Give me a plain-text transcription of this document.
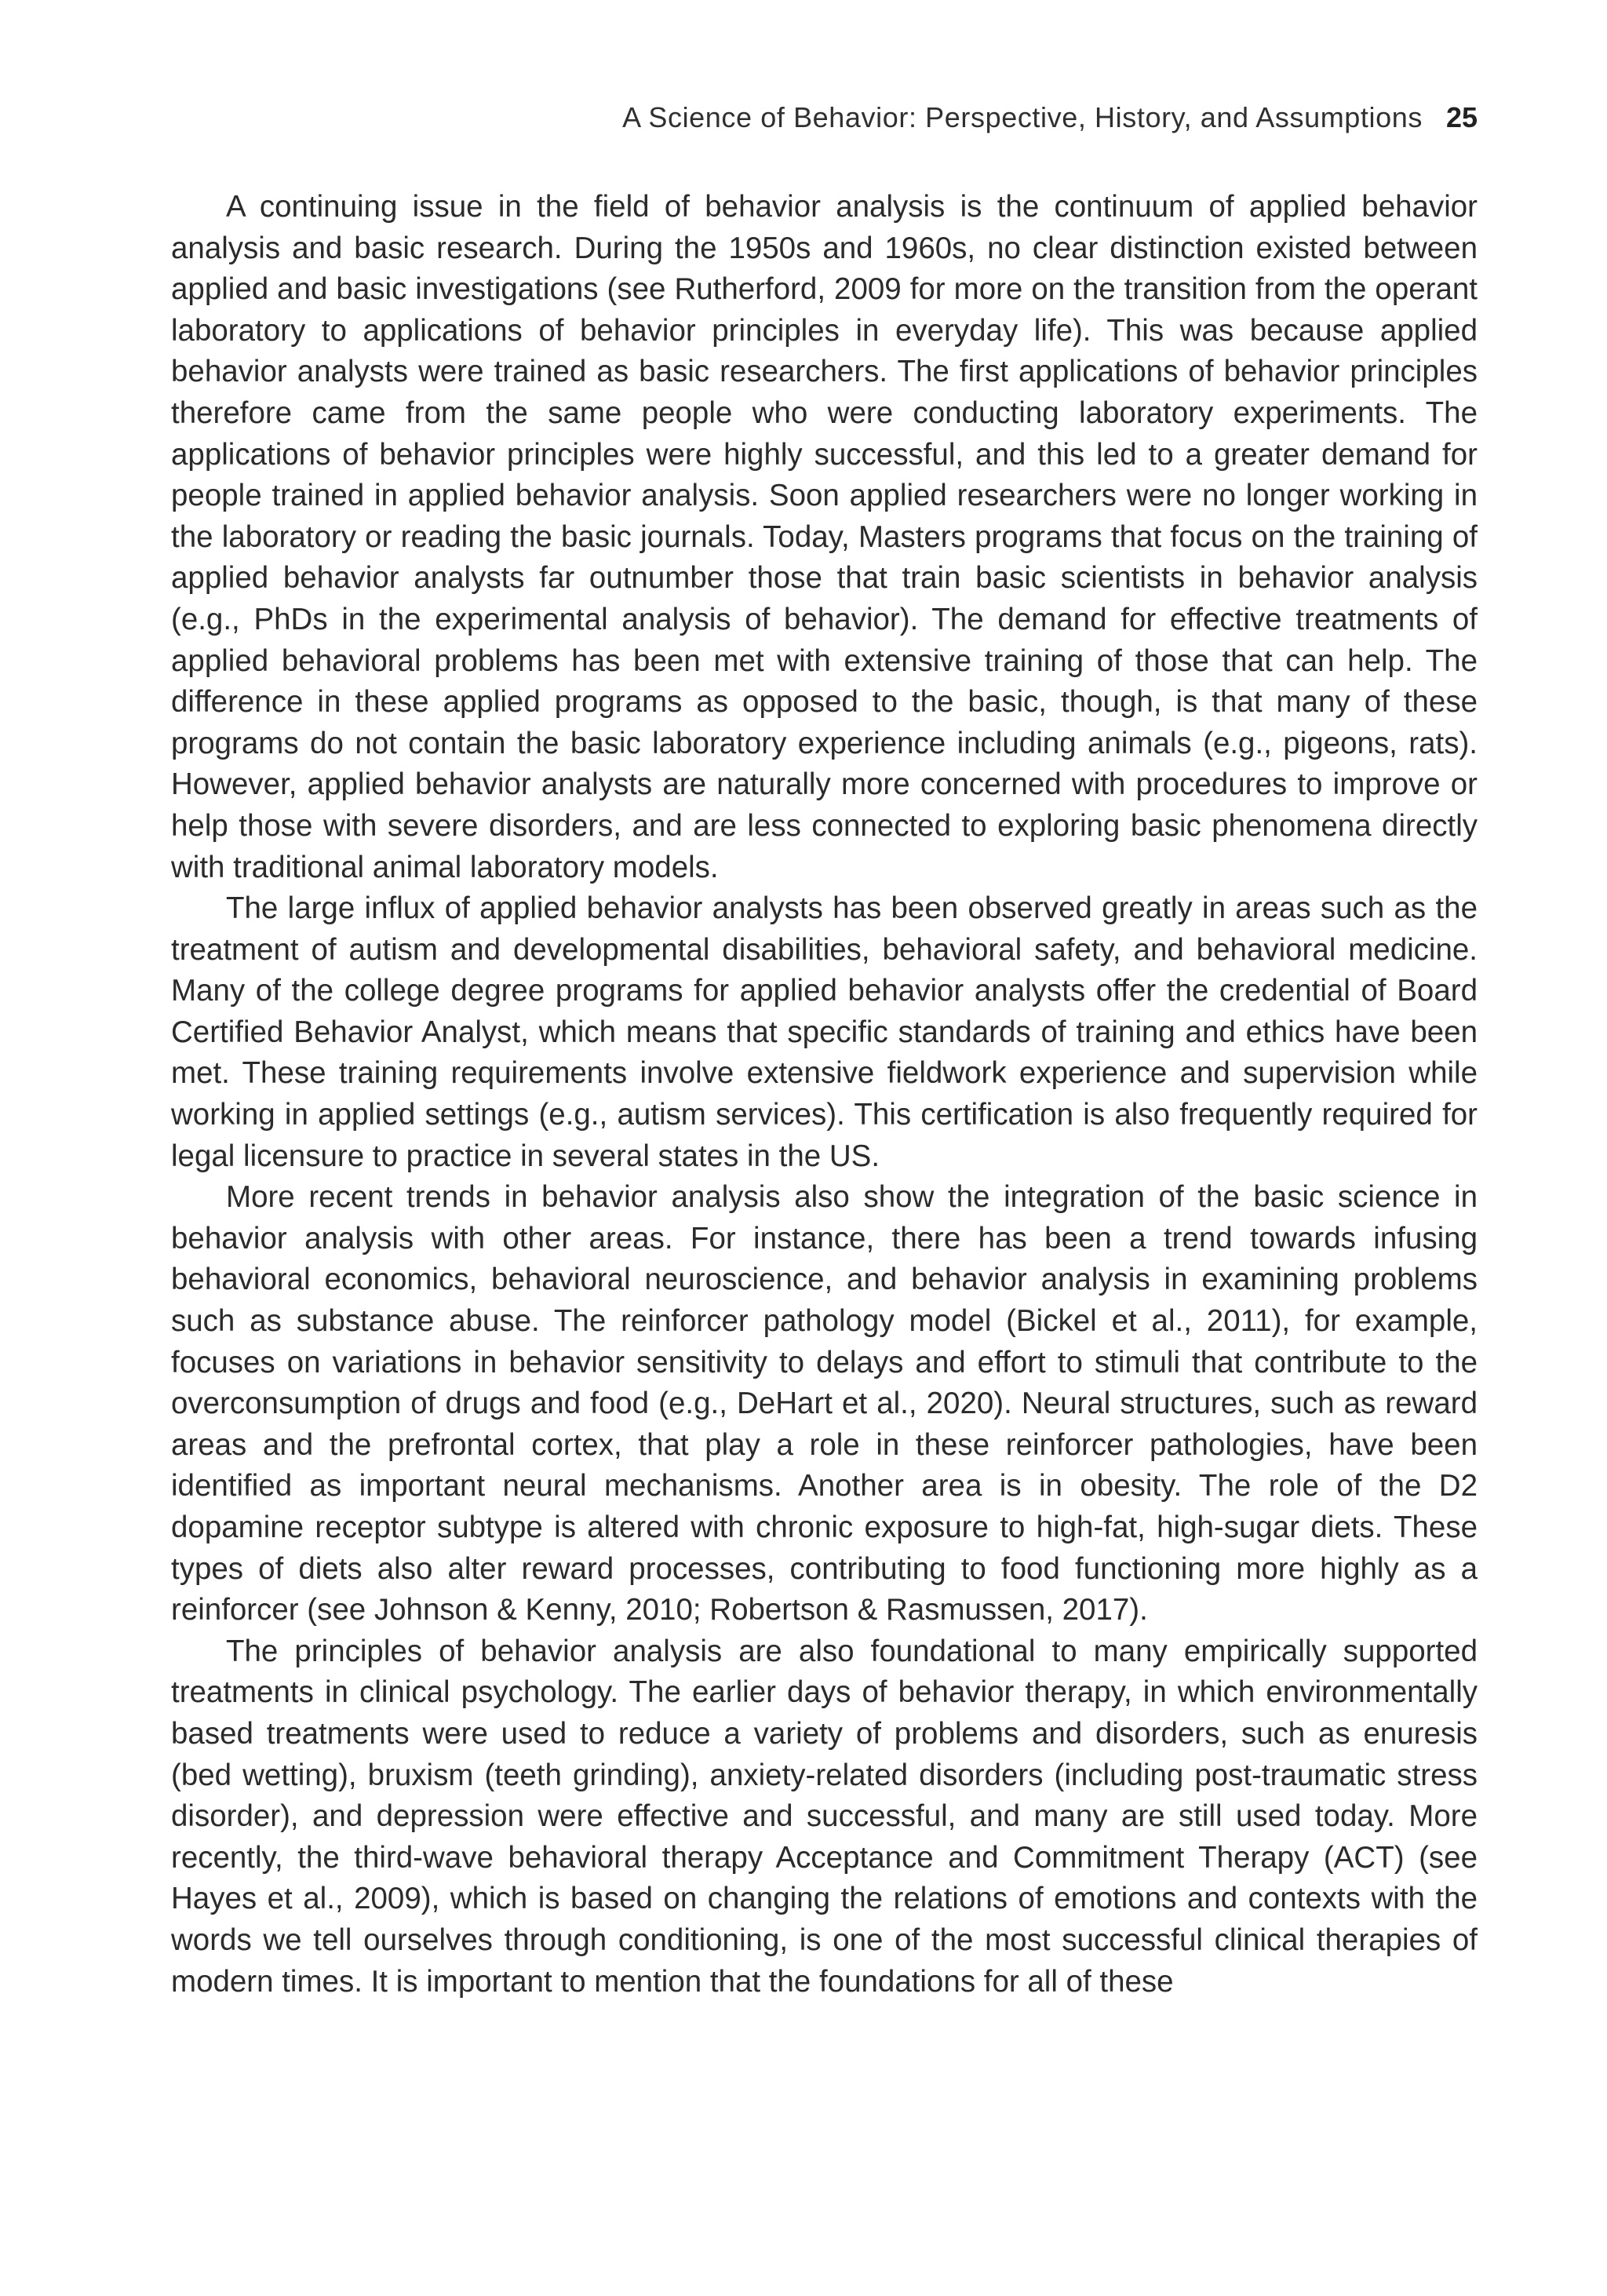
A Science of Behavior: Perspective, History, and Assumptions 25

A continuing issue in the field of behavior analysis is the continuum of applied behavior analysis and basic research. During the 1950s and 1960s, no clear distinction existed between applied and basic investigations (see Rutherford, 2009 for more on the transition from the operant laboratory to applications of behavior principles in everyday life). This was because applied behavior analysts were trained as basic researchers. The first applications of behavior principles therefore came from the same people who were conducting laboratory experiments. The applications of behavior principles were highly successful, and this led to a greater demand for people trained in applied behavior analysis. Soon applied researchers were no longer working in the laboratory or reading the basic journals. Today, Masters programs that focus on the training of applied behavior analysts far outnumber those that train basic scientists in behavior analysis (e.g., PhDs in the experimental analysis of behavior). The demand for effective treatments of applied behavioral problems has been met with extensive training of those that can help. The difference in these applied programs as opposed to the basic, though, is that many of these programs do not contain the basic laboratory experience including animals (e.g., pigeons, rats). However, applied behavior analysts are naturally more concerned with procedures to improve or help those with severe disorders, and are less connected to exploring basic phenomena directly with traditional animal laboratory models.

The large influx of applied behavior analysts has been observed greatly in areas such as the treatment of autism and developmental disabilities, behavioral safety, and behavioral medicine. Many of the college degree programs for applied behavior analysts offer the credential of Board Certified Behavior Analyst, which means that specific standards of training and ethics have been met. These training requirements involve extensive fieldwork experience and supervision while working in applied settings (e.g., autism services). This certification is also frequently required for legal licensure to practice in several states in the US.

More recent trends in behavior analysis also show the integration of the basic science in behavior analysis with other areas. For instance, there has been a trend towards infusing behavioral economics, behavioral neuroscience, and behavior analysis in examining problems such as substance abuse. The reinforcer pathology model (Bickel et al., 2011), for example, focuses on variations in behavior sensitivity to delays and effort to stimuli that contribute to the overconsumption of drugs and food (e.g., DeHart et al., 2020). Neural structures, such as reward areas and the prefrontal cortex, that play a role in these reinforcer pathologies, have been identified as important neural mechanisms. Another area is in obesity. The role of the D2 dopamine receptor subtype is altered with chronic exposure to high-fat, high-sugar diets. These types of diets also alter reward processes, contributing to food functioning more highly as a reinforcer (see Johnson & Kenny, 2010; Robertson & Rasmussen, 2017).

The principles of behavior analysis are also foundational to many empirically supported treatments in clinical psychology. The earlier days of behavior therapy, in which environmentally based treatments were used to reduce a variety of problems and disorders, such as enuresis (bed wetting), bruxism (teeth grinding), anxiety-related disorders (including post-traumatic stress disorder), and depression were effective and successful, and many are still used today. More recently, the third-wave behavioral therapy Acceptance and Commitment Therapy (ACT) (see Hayes et al., 2009), which is based on changing the relations of emotions and contexts with the words we tell ourselves through conditioning, is one of the most successful clinical therapies of modern times. It is important to mention that the foundations for all of these
